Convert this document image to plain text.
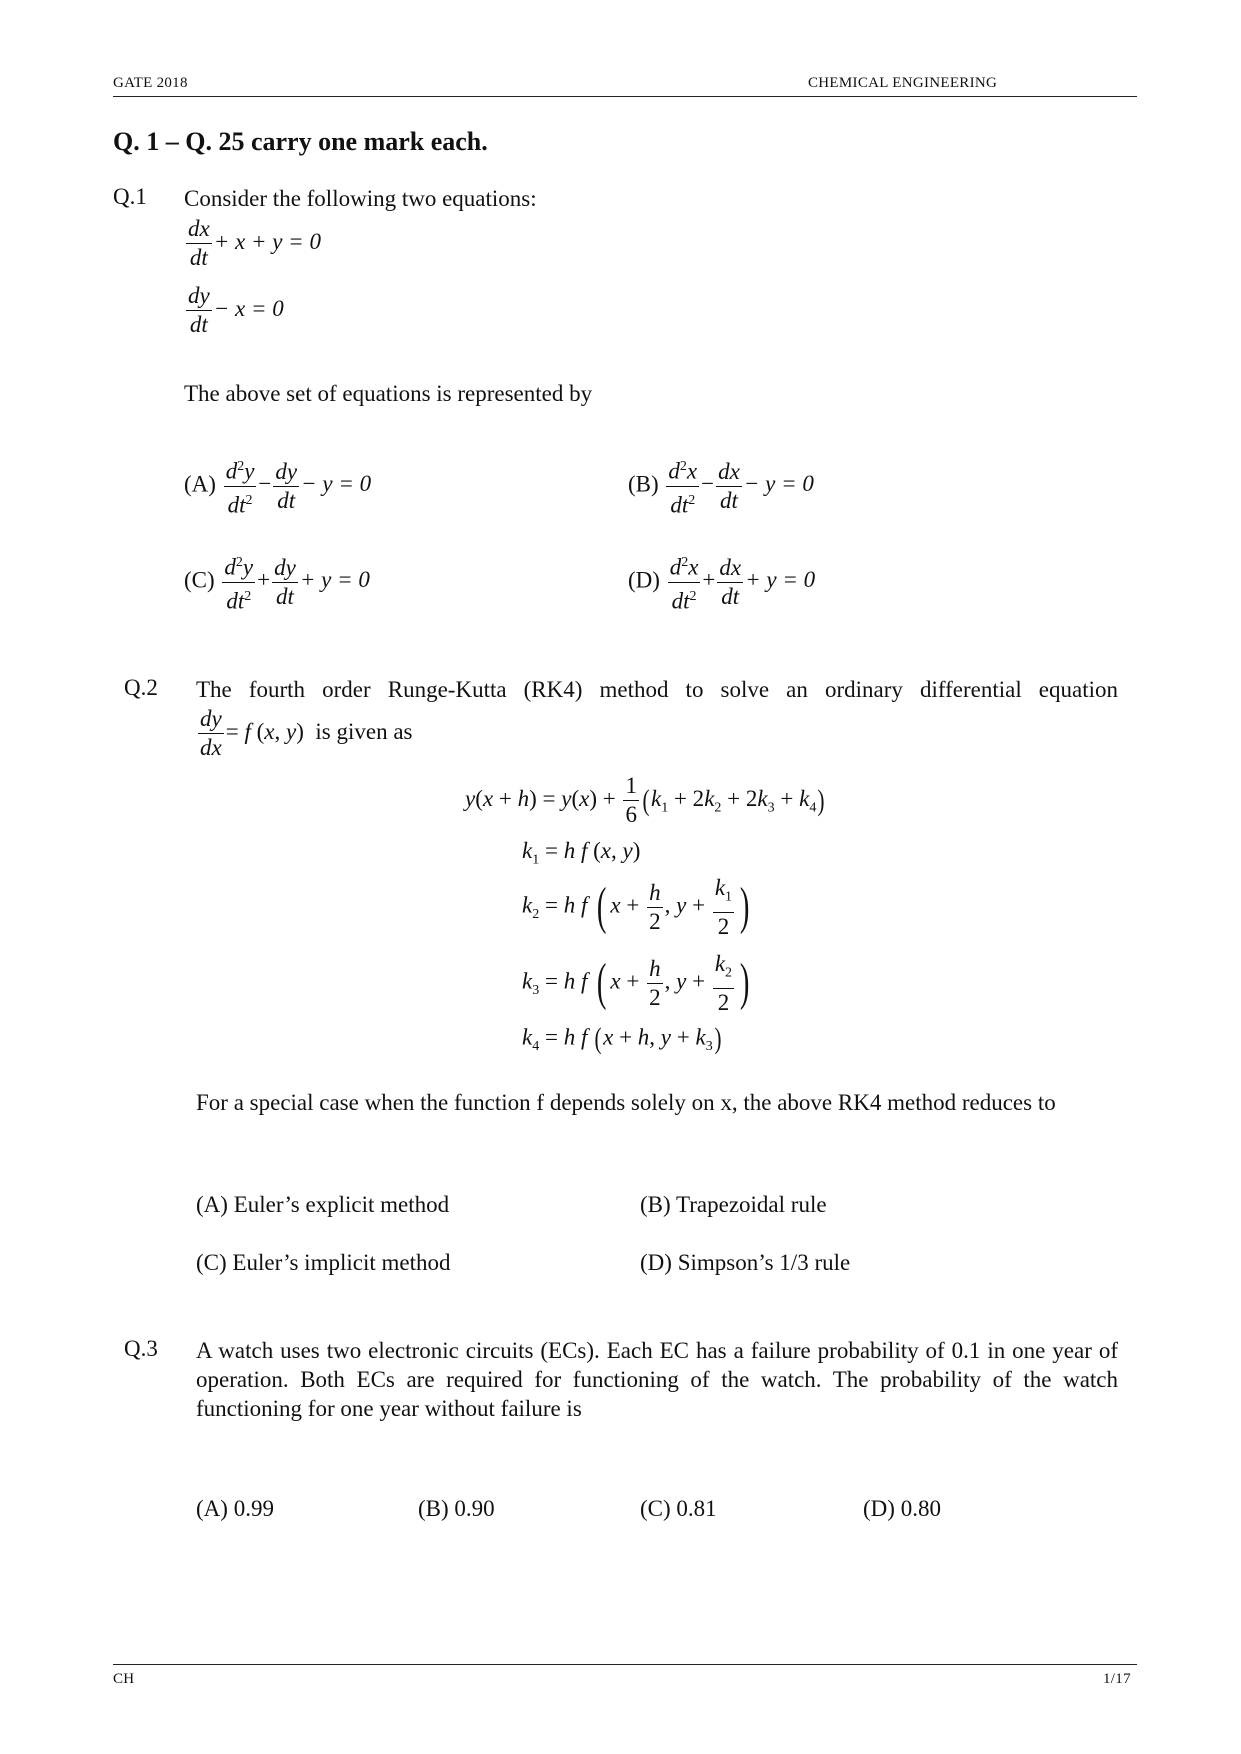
GATE 2018	CHEMICAL ENGINEERING
Q. 1 – Q. 25 carry one mark each.
Q.1 Consider the following two equations:
$\frac{dx}{dt} + x + y = 0$
$\frac{dy}{dt} - x = 0$
The above set of equations is represented by
$(A) \frac{d^2y}{dt^2} - \frac{dy}{dt} - y = 0$	$(B) \frac{d^2x}{dt^2} - \frac{dx}{dt} - y = 0$
$(C) \frac{d^2y}{dt^2} + \frac{dy}{dt} + y = 0$	$(D) \frac{d^2x}{dt^2} + \frac{dx}{dt} + y = 0$
Q.2 The fourth order Runge-Kutta (RK4) method to solve an ordinary differential equation
$\frac{dy}{dx} = f$ (x, y)  is given as
$y(x + h) = y(x) + \frac{1}{6} (k_1 + 2k_2 + 2k_3 + k_4)$
$k_1 = h$ f (x, y)
$k_2 = h$ f ( $x + \frac{h}{2}$ , $y + \frac{k_1}{2}$ )
$k_3 = h$ f ( $x + \frac{h}{2}$ , $y + \frac{k_2}{2}$ )
$k_4 = h$ f (x + h, $y + k_3$)
For a special case when the function f depends solely on x, the above RK4 method reduces to
(A) Euler’s explicit method	(B) Trapezoidal rule
(C) Euler’s implicit method	(D) Simpson’s 1/3 rule
Q.3 A watch uses two electronic circuits (ECs). Each EC has a failure probability of 0.1 in one year of operation. Both ECs are required for functioning of the watch. The probability of the watch functioning for one year without failure is
(A) 0.99	(B) 0.90	(C) 0.81	(D) 0.80
CH	1/17
